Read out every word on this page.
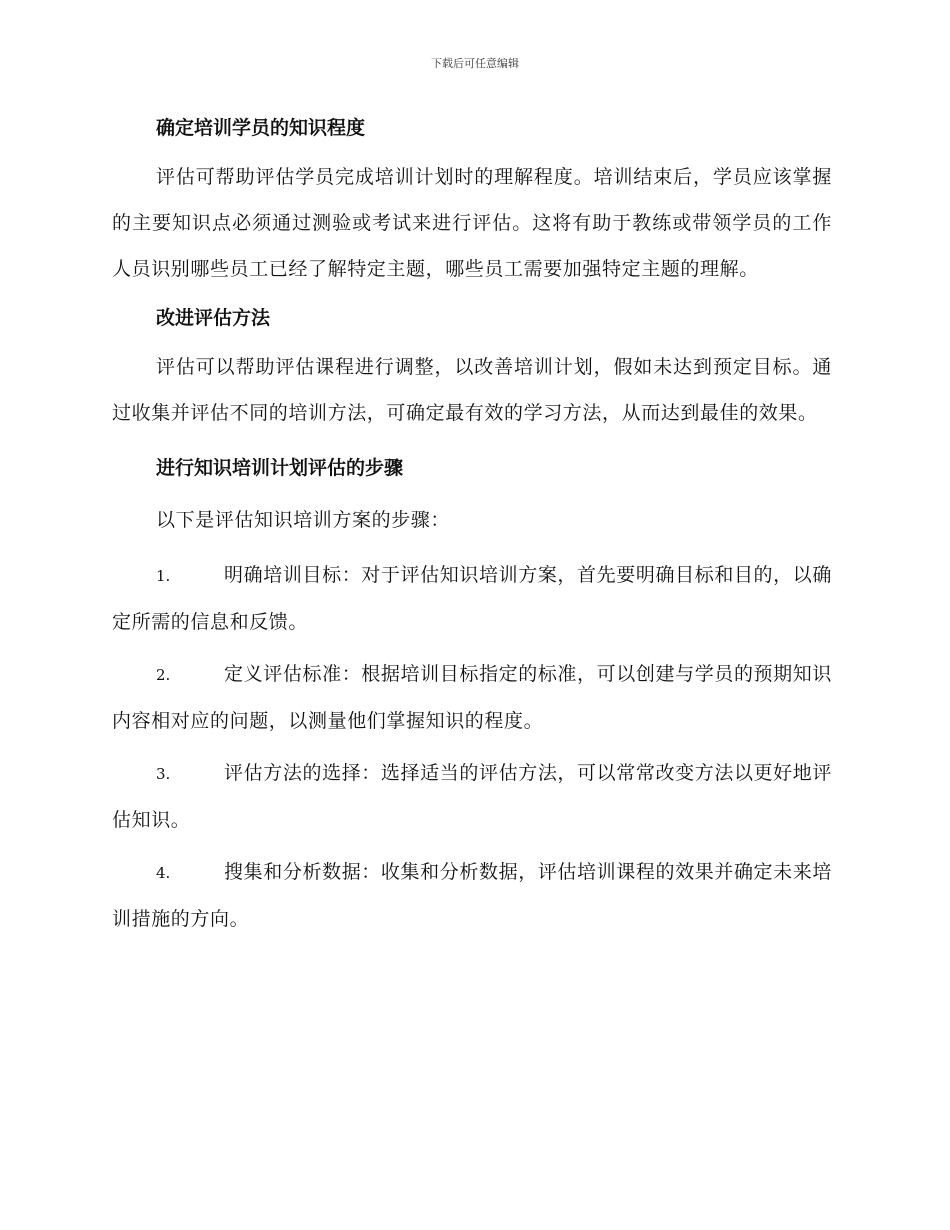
下载后可任意编辑
确定培训学员的知识程度

评估可帮助评估学员完成培训计划时的理解程度。培训结束后，学员应该掌握的主要知识点必须通过测验或考试来进行评估。这将有助于教练或带领学员的工作人员识别哪些员工已经了解特定主题，哪些员工需要加强特定主题的理解。

改进评估方法

评估可以帮助评估课程进行调整，以改善培训计划，假如未达到预定目标。通过收集并评估不同的培训方法，可确定最有效的学习方法，从而达到最佳的效果。

进行知识培训计划评估的步骤

以下是评估知识培训方案的步骤：

1.	明确培训目标：对于评估知识培训方案，首先要明确目标和目的，以确定所需的信息和反馈。

2.	定义评估标准：根据培训目标指定的标准，可以创建与学员的预期知识内容相对应的问题，以测量他们掌握知识的程度。

3.	评估方法的选择：选择适当的评估方法，可以常常改变方法以更好地评估知识。

4.	搜集和分析数据：收集和分析数据，评估培训课程的效果并确定未来培训措施的方向。
